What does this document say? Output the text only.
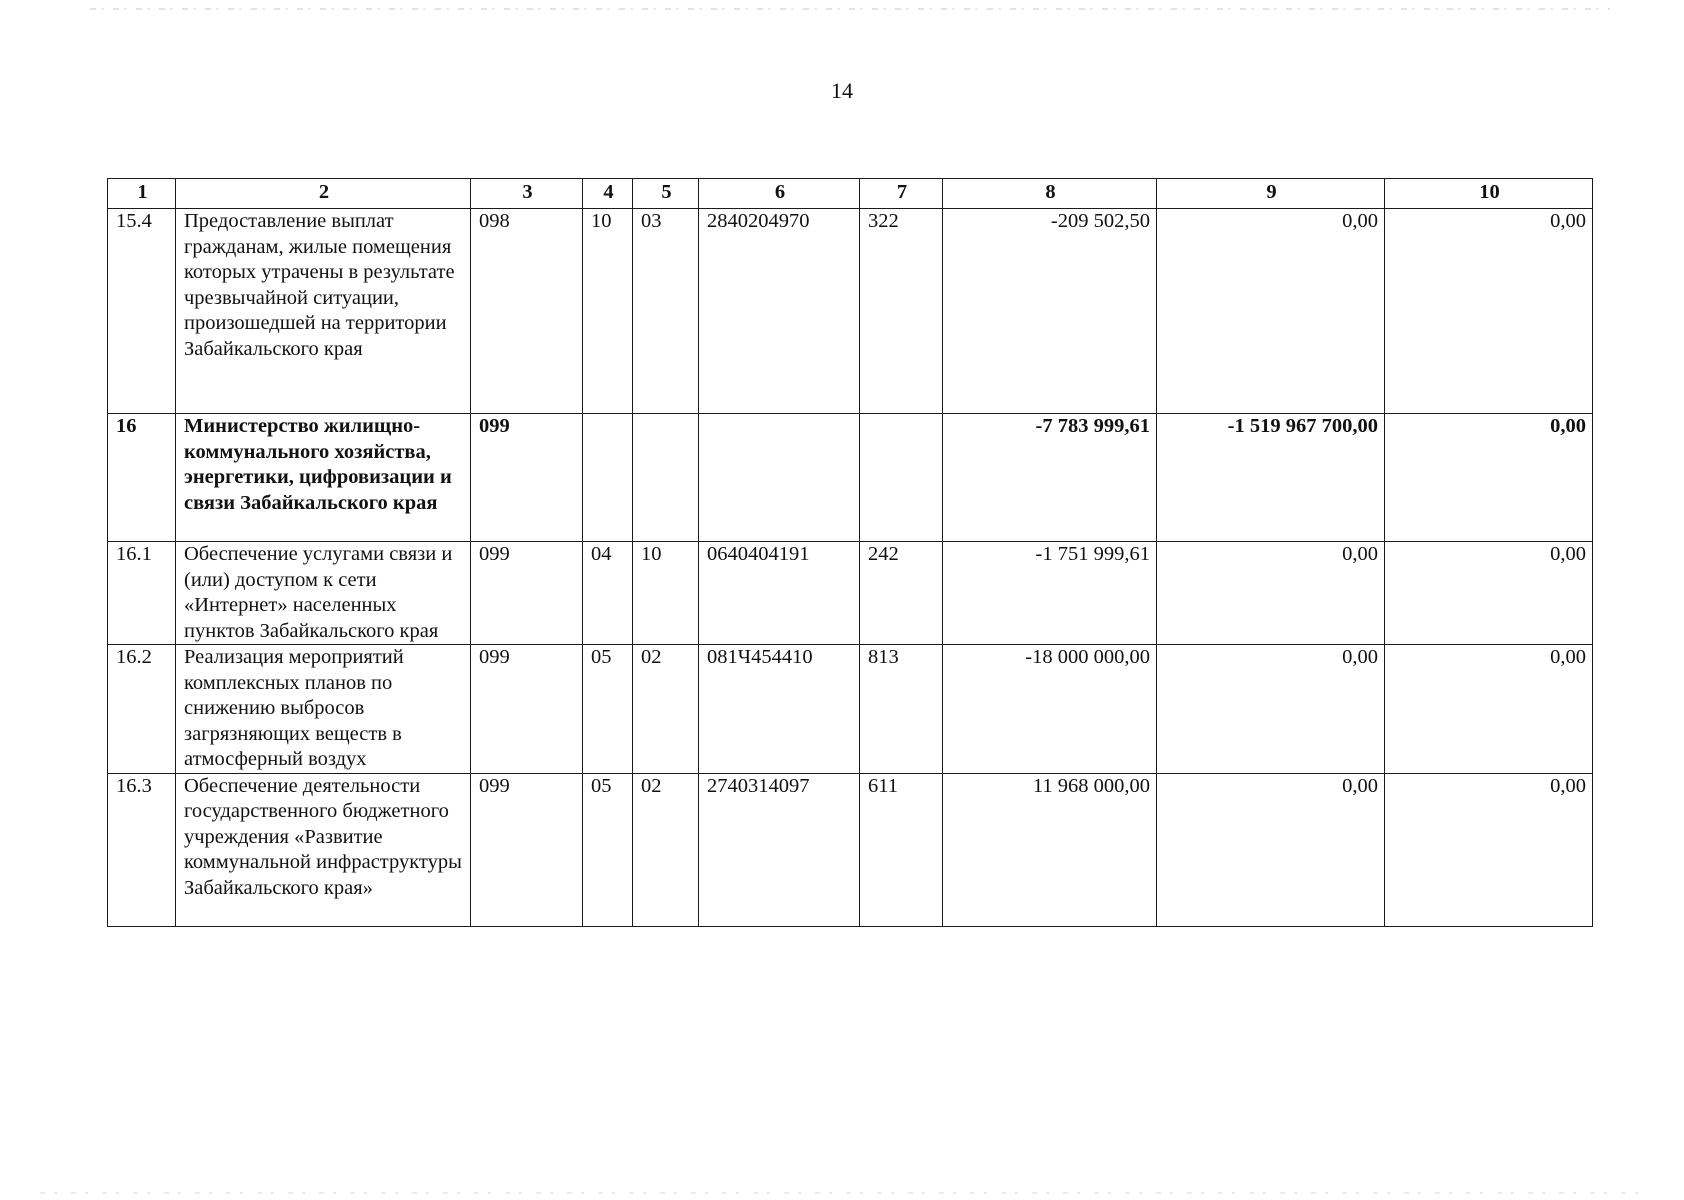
14
1	2	3	4	5	6	7	8	9	10
15.4	Предоставление выплат гражданам, жилые помещения которых утрачены в результате чрезвычайной ситуации, произошедшей на территории Забайкальского края	098	10	03	2840204970	322	-209 502,50	0,00	0,00
16	Министерство жилищно-коммунального хозяйства, энергетики, цифровизации и связи Забайкальского края	099					-7 783 999,61	-1 519 967 700,00	0,00
16.1	Обеспечение услугами связи и (или) доступом к сети «Интернет» населенных пунктов Забайкальского края	099	04	10	0640404191	242	-1 751 999,61	0,00	0,00
16.2	Реализация мероприятий комплексных планов по снижению выбросов загрязняющих веществ в атмосферный воздух	099	05	02	081Ч454410	813	-18 000 000,00	0,00	0,00
16.3	Обеспечение деятельности государственного бюджетного учреждения «Развитие коммунальной инфраструктуры Забайкальского края»	099	05	02	2740314097	611	11 968 000,00	0,00	0,00
